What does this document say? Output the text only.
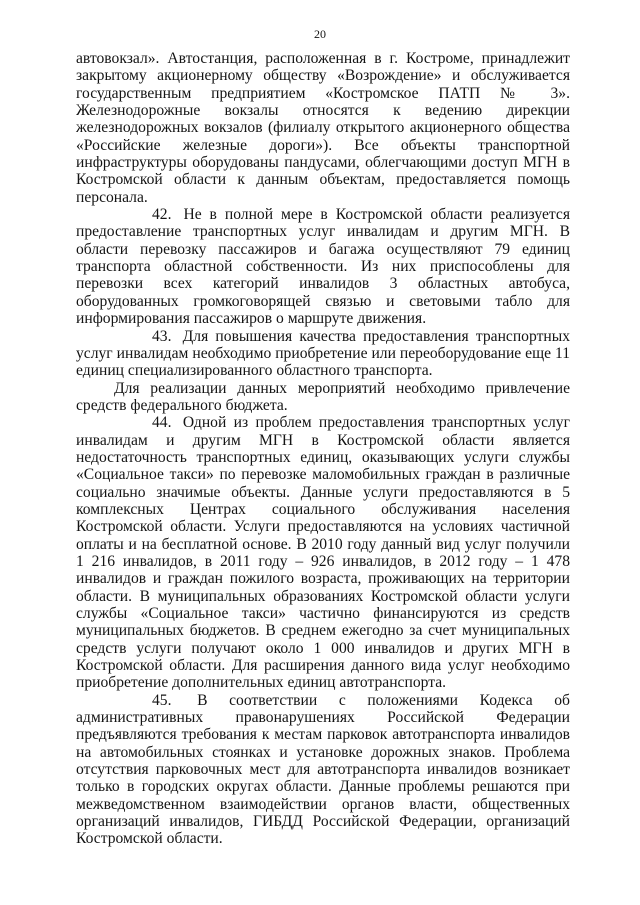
20

автовокзал». Автостанция, расположенная в г. Костроме, принадлежит закрытому акционерному обществу «Возрождение» и обслуживается государственным предприятием «Костромское ПАТП № 3». Железнодорожные вокзалы относятся к ведению дирекции железнодорожных вокзалов (филиалу открытого акционерного общества «Российские железные дороги»). Все объекты транспортной инфраструктуры оборудованы пандусами, облегчающими доступ МГН в Костромской области к данным объектам, предоставляется помощь персонала.

42. Не в полной мере в Костромской области реализуется предоставление транспортных услуг инвалидам и другим МГН. В области перевозку пассажиров и багажа осуществляют 79 единиц транспорта областной собственности. Из них приспособлены для перевозки всех категорий инвалидов 3 областных автобуса, оборудованных громкоговорящей связью и световыми табло для информирования пассажиров о маршруте движения.

43. Для повышения качества предоставления транспортных услуг инвалидам необходимо приобретение или переоборудование еще 11 единиц специализированного областного транспорта.

Для реализации данных мероприятий необходимо привлечение средств федерального бюджета.

44. Одной из проблем предоставления транспортных услуг инвалидам и другим МГН в Костромской области является недостаточность транспортных единиц, оказывающих услуги службы «Социальное такси» по перевозке маломобильных граждан в различные социально значимые объекты. Данные услуги предоставляются в 5 комплексных Центрах социального обслуживания населения Костромской области. Услуги предоставляются на условиях частичной оплаты и на бесплатной основе. В 2010 году данный вид услуг получили 1 216 инвалидов, в 2011 году – 926 инвалидов, в 2012 году – 1 478 инвалидов и граждан пожилого возраста, проживающих на территории области. В муниципальных образованиях Костромской области услуги службы «Социальное такси» частично финансируются из средств муниципальных бюджетов. В среднем ежегодно за счет муниципальных средств услуги получают около 1 000 инвалидов и других МГН в Костромской области. Для расширения данного вида услуг необходимо приобретение дополнительных единиц автотранспорта.

45. В соответствии с положениями Кодекса об административных правонарушениях Российской Федерации предъявляются требования к местам парковок автотранспорта инвалидов на автомобильных стоянках и установке дорожных знаков. Проблема отсутствия парковочных мест для автотранспорта инвалидов возникает только в городских округах области. Данные проблемы решаются при межведомственном взаимодействии органов власти, общественных организаций инвалидов, ГИБДД Российской Федерации, организаций Костромской области.
